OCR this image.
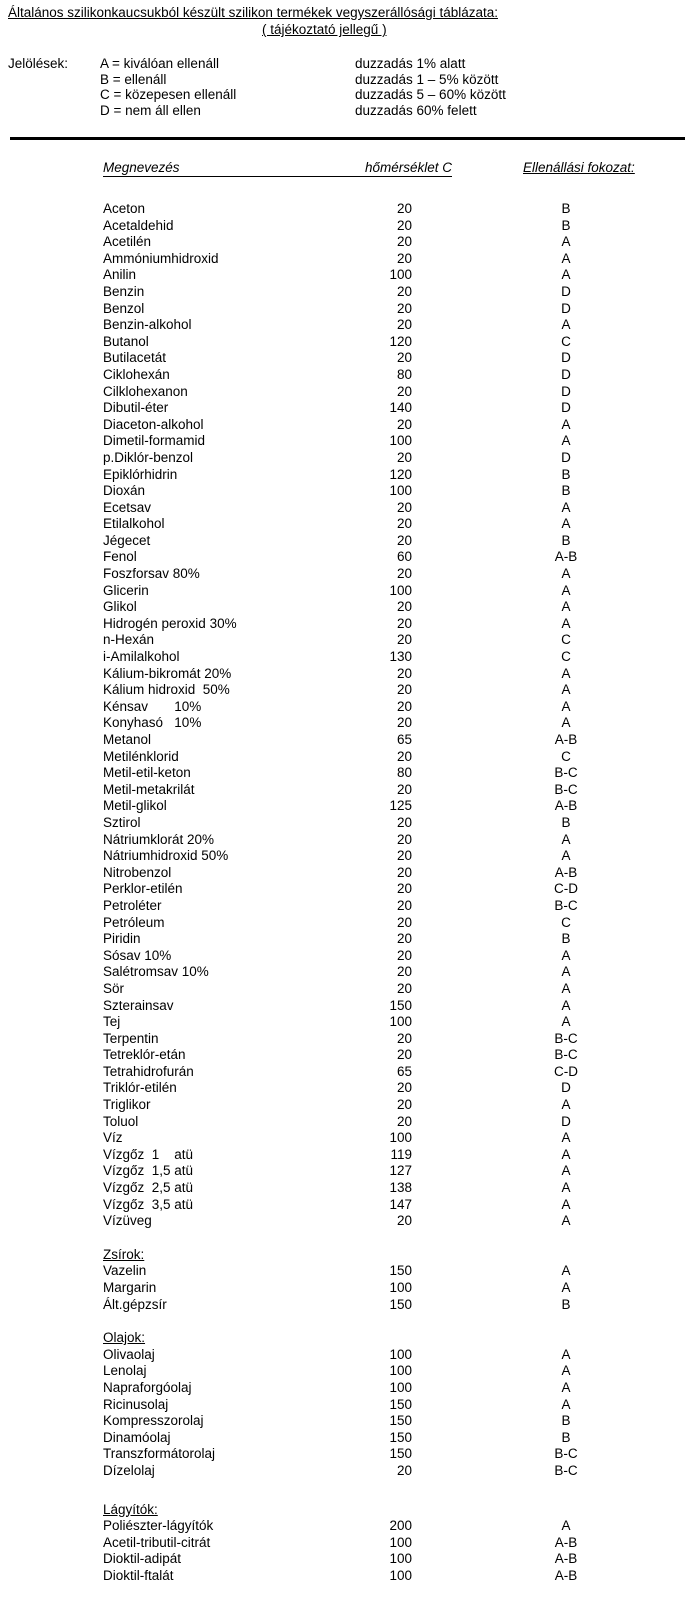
Általános szilikonkaucsukból készült szilikon termékek vegyszerállósági táblázata:
( tájékoztató jellegű )
Jelölések: A = kiválóan ellenáll	duzzadás 1% alatt
B = ellenáll	duzzadás 1 – 5% között
C = közepesen ellenáll	duzzadás 5 – 60% között
D = nem áll ellen	duzzadás 60% felett
Megnevezés	hőmérséklet C	Ellenállási fokozat:
Aceton	20	B
Acetaldehid	20	B
Acetilén	20	A
Ammóniumhidroxid	20	A
Anilin	100	A
Benzin	20	D
Benzol	20	D
Benzin-alkohol	20	A
Butanol	120	C
Butilacetát	20	D
Ciklohexán	80	D
Cilklohexanon	20	D
Dibutil-éter	140	D
Diaceton-alkohol	20	A
Dimetil-formamid	100	A
p.Diklór-benzol	20	D
Epiklórhidrin	120	B
Dioxán	100	B
Ecetsav	20	A
Etilalkohol	20	A
Jégecet	20	B
Fenol	60	A-B
Foszforsav 80%	20	A
Glicerin	100	A
Glikol	20	A
Hidrogén peroxid 30%	20	A
n-Hexán	20	C
i-Amilalkohol	130	C
Kálium-bikromát 20%	20	A
Kálium hidroxid  50%	20	A
Kénsav       10%	20	A
Konyhasó   10%	20	A
Metanol	65	A-B
Metilénklorid	20	C
Metil-etil-keton	80	B-C
Metil-metakrilát	20	B-C
Metil-glikol	125	A-B
Sztirol	20	B
Nátriumklorát 20%	20	A
Nátriumhidroxid 50%	20	A
Nitrobenzol	20	A-B
Perklor-etilén	20	C-D
Petroléter	20	B-C
Petróleum	20	C
Piridin	20	B
Sósav 10%	20	A
Salétromsav 10%	20	A
Sör	20	A
Szterainsav	150	A
Tej	100	A
Terpentin	20	B-C
Tetreklór-etán	20	B-C
Tetrahidrofurán	65	C-D
Triklór-etilén	20	D
Triglikor	20	A
Toluol	20	D
Víz	100	A
Vízgőz  1    atü	119	A
Vízgőz  1,5 atü	127	A
Vízgőz  2,5 atü	138	A
Vízgőz  3,5 atü	147	A
Vízüveg	20	A
Zsírok:
Vazelin	150	A
Margarin	100	A
Ált.gépzsír	150	B
Olajok:
Olivaolaj	100	A
Lenolaj	100	A
Napraforgóolaj	100	A
Ricinusolaj	150	A
Kompresszorolaj	150	B
Dinamóolaj	150	B
Transzformátorolaj	150	B-C
Dízelolaj	20	B-C
Lágyítók:
Poliészter-lágyítók	200	A
Acetil-tributil-citrát	100	A-B
Dioktil-adipát	100	A-B
Dioktil-ftalát	100	A-B
